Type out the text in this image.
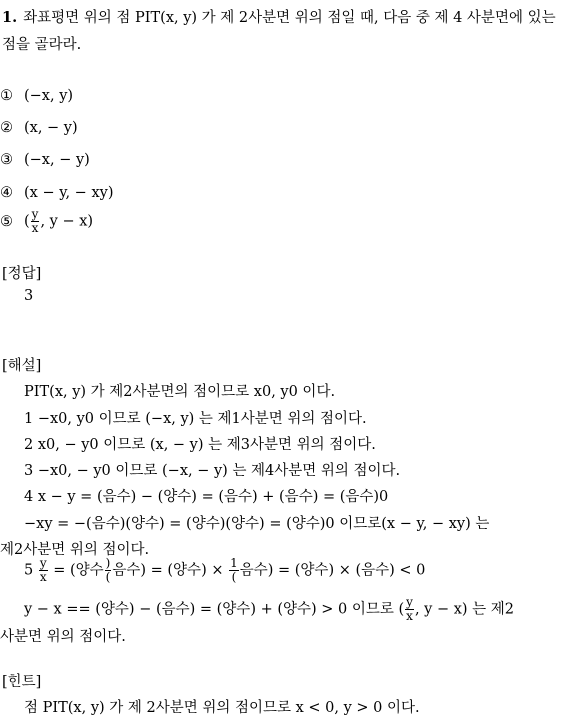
1. 좌표평면 위의 점 PIT(x, y) 가 제 2사분면 위의 점일 때, 다음 중 제 4 사분면에 있는 점을 골라라.
① (−x, y)
② (x, − y)
③ (−x, − y)
④ (x − y, − xy)
⑤ ( $\frac{y}{x}$ , y − x)
[정답]
3
[해설]
PIT(x, y) 가 제2사분면의 점이므로 x0, y0 이다.
1 −x0, y0 이므로 (−x, y) 는 제1사분면 위의 점이다.
2 x0, − y0 이므로 (x, − y) 는 제3사분면 위의 점이다.
3 −x0, − y0 이므로 (−x, − y) 는 제4사분면 위의 점이다.
4 x − y = (음수) − (양수) = (음수) + (음수) = (음수)0
−xy = −(음수)(양수) = (양수)(양수) = (양수)0 이므로(x − y, − xy) 는
제2사분면 위의 점이다.
$5 \frac{y}{x}$ = (양수 )
( 음수) = (양수) × 1
( 음수) = (양수) × (음수) < 0
y − x == (양수) − (음수) = (양수) + (양수) > 0 이므로 ( $\frac{y}{x}$ , y − x) 는 제2
사분면 위의 점이다.
[힌트]
점 PIT(x, y) 가 제 2사분면 위의 점이므로 x < 0, y > 0 이다.
